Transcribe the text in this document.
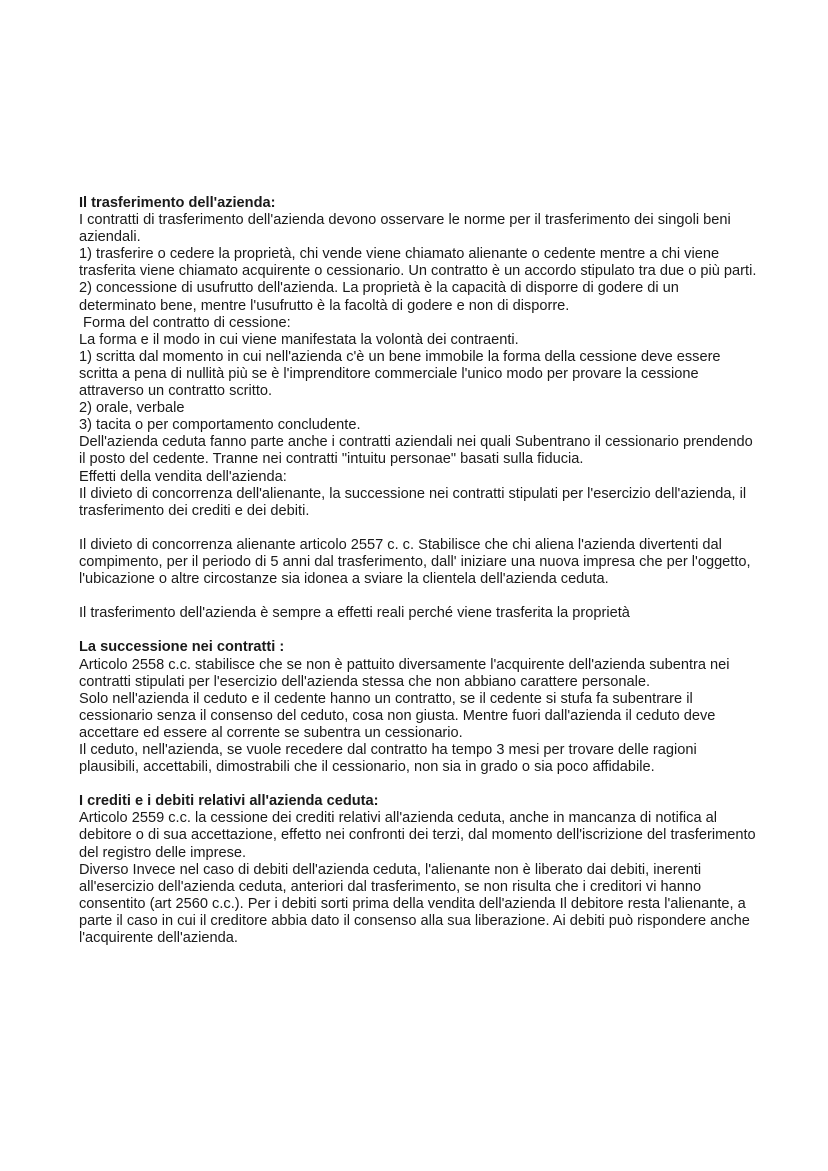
Il trasferimento dell'azienda:

I contratti di trasferimento dell'azienda devono osservare le norme per il trasferimento dei singoli beni aziendali.

1) trasferire o cedere la proprietà, chi vende viene chiamato alienante o cedente mentre a chi viene trasferita viene chiamato acquirente o cessionario. Un contratto è un accordo stipulato tra due o più parti.

2) concessione di usufrutto dell'azienda. La proprietà è la capacità di disporre di godere di un determinato bene, mentre l'usufrutto è la facoltà di godere e non di disporre.

Forma del contratto di cessione:

La forma e il modo in cui viene manifestata la volontà dei contraenti.

1) scritta dal momento in cui nell'azienda c'è un bene immobile la forma della cessione deve essere scritta a pena di nullità più se è l'imprenditore commerciale l'unico modo per provare la cessione attraverso un contratto scritto.

2) orale, verbale

3) tacita o per comportamento concludente.

Dell'azienda ceduta fanno parte anche i contratti aziendali nei quali Subentrano il cessionario prendendo il posto del cedente. Tranne nei contratti "intuitu personae" basati sulla fiducia.

Effetti della vendita dell'azienda:

Il divieto di concorrenza dell'alienante, la successione nei contratti stipulati per l'esercizio dell'azienda, il trasferimento dei crediti e dei debiti.

Il divieto di concorrenza alienante articolo 2557 c. c. Stabilisce che chi aliena l'azienda divertenti dal compimento, per il periodo di 5 anni dal trasferimento, dall' iniziare una nuova impresa che per l'oggetto, l'ubicazione o altre circostanze sia idonea a sviare la clientela dell'azienda ceduta.

Il trasferimento dell'azienda è sempre a effetti reali perché viene trasferita la proprietà

La successione nei contratti :

Articolo 2558 c.c. stabilisce che se non è pattuito diversamente l'acquirente dell'azienda subentra nei contratti stipulati per l'esercizio dell'azienda stessa che non abbiano carattere personale.

Solo nell'azienda il ceduto e il cedente hanno un contratto, se il cedente si stufa fa subentrare il cessionario senza il consenso del ceduto, cosa non giusta. Mentre fuori dall'azienda il ceduto deve accettare ed essere al corrente se subentra un cessionario.

Il ceduto, nell'azienda, se vuole recedere dal contratto ha tempo 3 mesi per trovare delle ragioni plausibili, accettabili, dimostrabili che il cessionario, non sia in grado o sia poco affidabile.

I crediti e i debiti relativi all'azienda ceduta:

Articolo 2559 c.c. la cessione dei crediti relativi all'azienda ceduta, anche in mancanza di notifica al debitore o di sua accettazione, effetto nei confronti dei terzi, dal momento dell'iscrizione del trasferimento del registro delle imprese.

Diverso Invece nel caso di debiti dell'azienda ceduta, l'alienante non è liberato dai debiti, inerenti all'esercizio dell'azienda ceduta, anteriori dal trasferimento, se non risulta che i creditori vi hanno consentito (art 2560 c.c.). Per i debiti sorti prima della vendita dell'azienda Il debitore resta l'alienante, a parte il caso in cui il creditore abbia dato il consenso alla sua liberazione. Ai debiti può rispondere anche l'acquirente dell'azienda.
